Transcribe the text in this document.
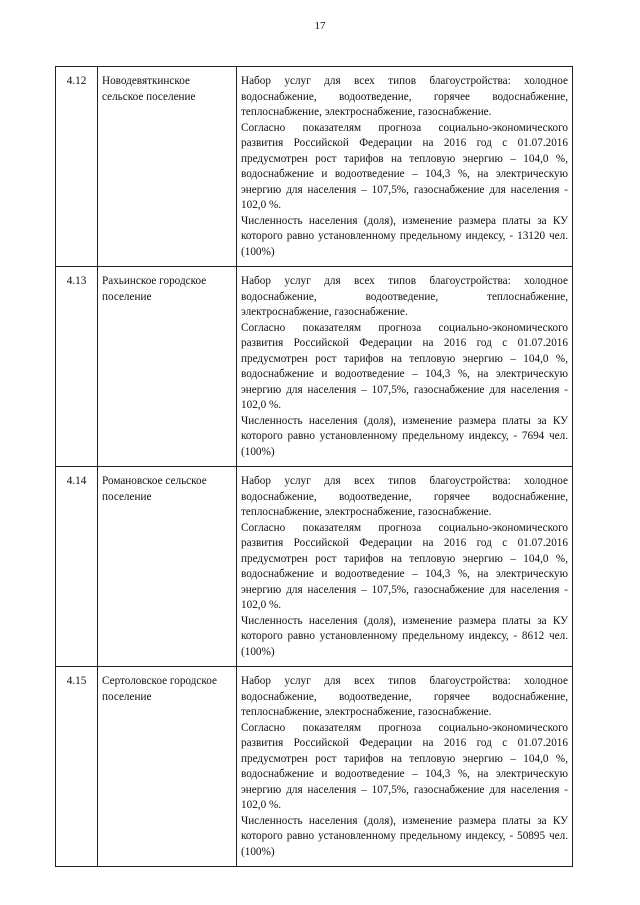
17
4.12	Новодевяткинское сельское поселение	Набор услуг для всех типов благоустройства: холодное водоснабжение, водоотведение, горячее водоснабжение, теплоснабжение, электроснабжение, газоснабжение.

Согласно показателям прогноза социально-экономического развития Российской Федерации на 2016 год с 01.07.2016 предусмотрен рост тарифов на тепловую энергию – 104,0 %, водоснабжение и водоотведение – 104,3 %, на электрическую энергию для населения – 107,5%, газоснабжение для населения - 102,0 %.

Численность населения (доля), изменение размера платы за КУ которого равно установленному предельному индексу, - 13120 чел. (100%)

4.13	Рахьинское городское поселение	Набор услуг для всех типов благоустройства: холодное водоснабжение, водоотведение, теплоснабжение, электроснабжение, газоснабжение.

Согласно показателям прогноза социально-экономического развития Российской Федерации на 2016 год с 01.07.2016 предусмотрен рост тарифов на тепловую энергию – 104,0 %, водоснабжение и водоотведение – 104,3 %, на электрическую энергию для населения – 107,5%, газоснабжение для населения - 102,0 %.

Численность населения (доля), изменение размера платы за КУ которого равно установленному предельному индексу, - 7694 чел. (100%)

4.14	Романовское сельское поселение	Набор услуг для всех типов благоустройства: холодное водоснабжение, водоотведение, горячее водоснабжение, теплоснабжение, электроснабжение, газоснабжение.

Согласно показателям прогноза социально-экономического развития Российской Федерации на 2016 год с 01.07.2016 предусмотрен рост тарифов на тепловую энергию – 104,0 %, водоснабжение и водоотведение – 104,3 %, на электрическую энергию для населения – 107,5%, газоснабжение для населения - 102,0 %.

Численность населения (доля), изменение размера платы за КУ которого равно установленному предельному индексу, - 8612 чел. (100%)

4.15	Сертоловское городское поселение	Набор услуг для всех типов благоустройства: холодное водоснабжение, водоотведение, горячее водоснабжение, теплоснабжение, электроснабжение, газоснабжение.

Согласно показателям прогноза социально-экономического развития Российской Федерации на 2016 год с 01.07.2016 предусмотрен рост тарифов на тепловую энергию – 104,0 %, водоснабжение и водоотведение – 104,3 %, на электрическую энергию для населения – 107,5%, газоснабжение для населения - 102,0 %.

Численность населения (доля), изменение размера платы за КУ которого равно установленному предельному индексу, - 50895 чел. (100%)
